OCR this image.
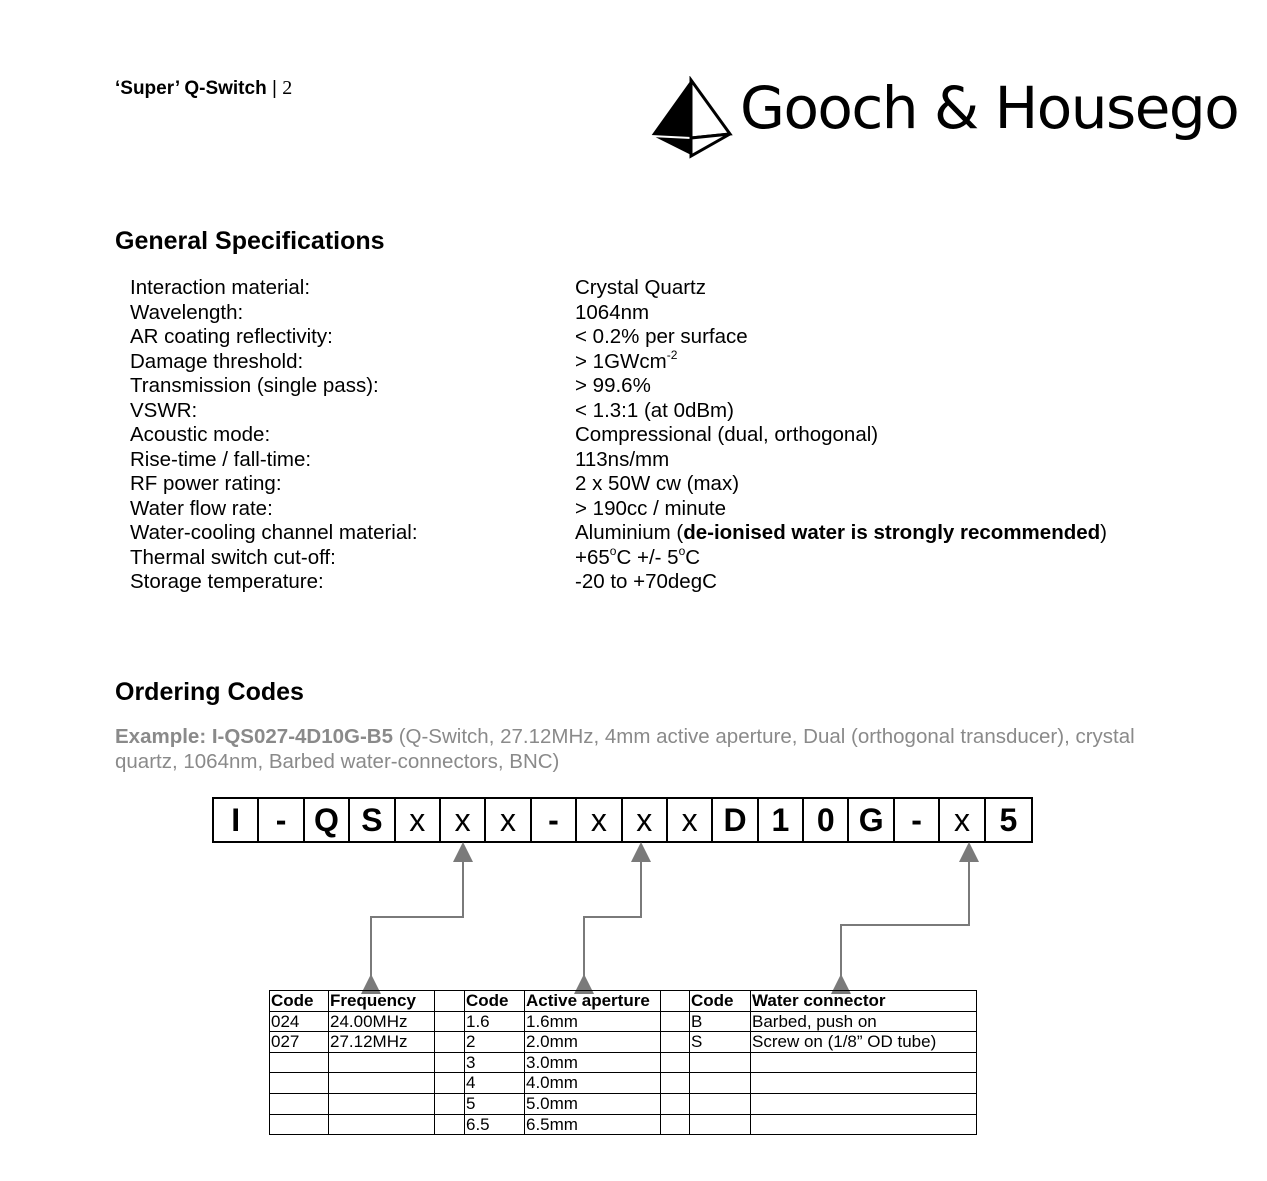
‘Super’ Q-Switch | 2	Gooch & Housego
General Specifications
Interaction material:	Crystal Quartz
Wavelength:	1064nm
AR coating reflectivity:	< 0.2% per surface
Damage threshold:	> 1GWcm$^{-2}$
Transmission (single pass):	> 99.6%
VSWR:	< 1.3:1 (at 0dBm)
Acoustic mode:	Compressional (dual, orthogonal)
Rise-time / fall-time:	113ns/mm
RF power rating:	2 x 50W cw (max)
Water flow rate:	> 190cc / minute
Water-cooling channel material:	Aluminium (de-ionised water is strongly recommended)
Thermal switch cut-off:	$+65^oC$ +/- 5$^o$C
Storage temperature:	-20 to +70degC
Ordering Codes
Example: I-QS027-4D10G-B5 (Q-Switch, 27.12MHz, 4mm active aperture, Dual (orthogonal transducer), crystal quartz, 1064nm, Barbed water-connectors, BNC)
I	- Q S x x x	-	x x x D 1 0 G -	x 5
Code	Frequency		Code	Active aperture		Code	Water connector
024	24.00MHz		1.6	1.6mm		B	Barbed, push on
027	27.12MHz		2	2.0mm		S	Screw on (1/8” OD tube)
			3	3.0mm			
			4	4.0mm			
			5	5.0mm			
			6.5	6.5mm			
